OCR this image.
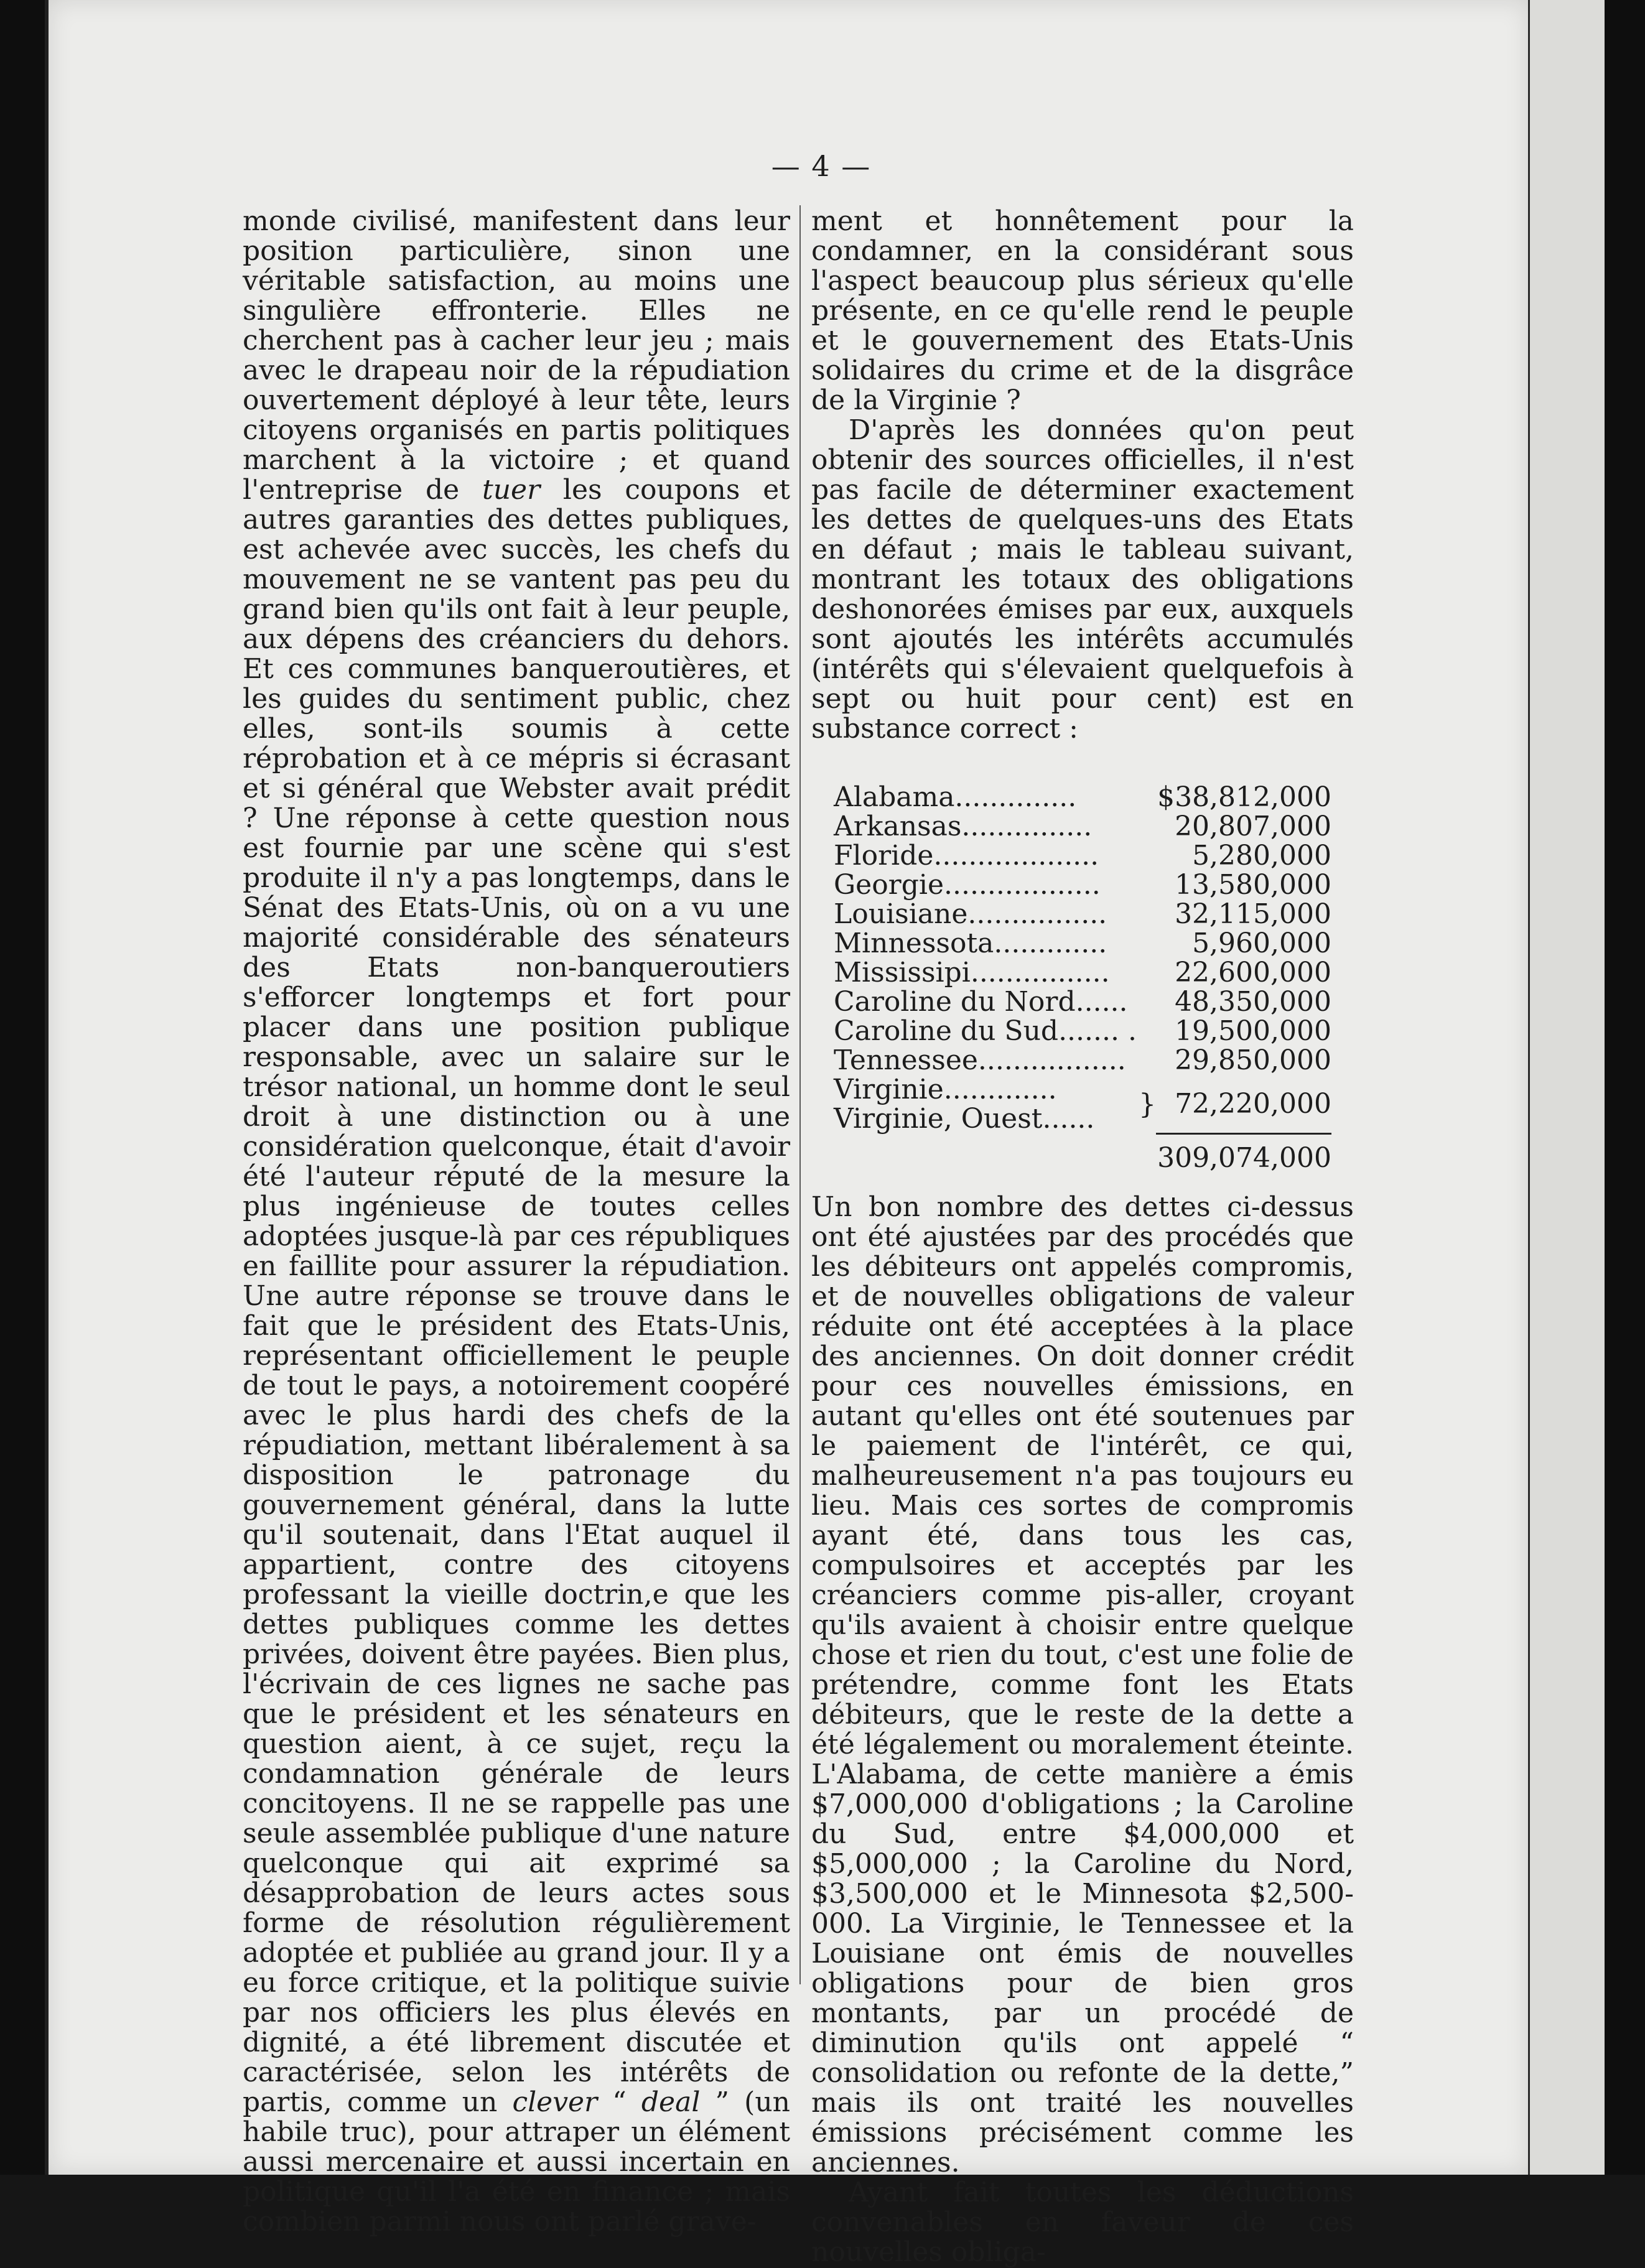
— 4 —

monde civilisé, manifestent dans leur position particulière, sinon une véritable satisfaction, au moins une singulière effronterie. Elles ne cherchent pas à cacher leur jeu ; mais avec le drapeau noir de la répudiation ouvertement déployé à leur tête, leurs citoyens organisés en partis politiques marchent à la victoire ; et quand l'entreprise de tuer les coupons et autres garanties des dettes publiques, est achevée avec succès, les chefs du mouvement ne se vantent pas peu du grand bien qu'ils ont fait à leur peuple, aux dépens des créanciers du dehors. Et ces communes banqueroutières, et les guides du sentiment public, chez elles, sont-ils soumis à cette réprobation et à ce mépris si écrasant et si général que Webster avait prédit ? Une réponse à cette question nous est fournie par une scène qui s'est produite il n'y a pas longtemps, dans le Sénat des Etats-Unis, où on a vu une majorité considérable des sénateurs des Etats non-banqueroutiers s'efforcer longtemps et fort pour placer dans une position publique responsable, avec un salaire sur le trésor national, un homme dont le seul droit à une distinction ou à une considération quelconque, était d'avoir été l'auteur réputé de la mesure la plus ingénieuse de toutes celles adoptées jusque-là par ces républiques en faillite pour assurer la répudiation. Une autre réponse se trouve dans le fait que le président des Etats-Unis, représentant officiellement le peuple de tout le pays, a notoirement coopéré avec le plus hardi des chefs de la répudiation, mettant libéralement à sa disposition le patronage du gouvernement général, dans la lutte qu'il soutenait, dans l'Etat auquel il appartient, contre des citoyens professant la vieille doctrin,e que les dettes publiques comme les dettes privées, doivent être payées. Bien plus, l'écrivain de ces lignes ne sache pas que le président et les sénateurs en question aient, à ce sujet, reçu la condamnation générale de leurs concitoyens. Il ne se rappelle pas une seule assemblée publique d'une nature quelconque qui ait exprimé sa désapprobation de leurs actes sous forme de résolution régulièrement adoptée et publiée au grand jour. Il y a eu force critique, et la politique suivie par nos officiers les plus élevés en dignité, a été librement discutée et caractérisée, selon les intérêts de partis, comme un clever “ deal ” (un habile truc), pour attraper un élément aussi mercenaire et aussi incertain en politique qu'il l'a été en finance ; mais combien parmi nous ont parlé grave-

ment et honnêtement pour la condamner, en la considérant sous l'aspect beaucoup plus sérieux qu'elle présente, en ce qu'elle rend le peuple et le gouvernement des Etats-Unis solidaires du crime et de la disgrâce de la Virginie ?

D'après les données qu'on peut obtenir des sources officielles, il n'est pas facile de déterminer exactement les dettes de quelques-uns des Etats en défaut ; mais le tableau suivant, montrant les totaux des obligations deshonorées émises par eux, auxquels sont ajoutés les intérêts accumulés (intérêts qui s'élevaient quelquefois à sept ou huit pour cent) est en substance correct :

Alabama..............		$38,812,000
Arkansas...............		20,807,000
Floride...................		5,280,000
Georgie..................		13,580,000
Louisiane................		32,115,000
Minnessota.............		5,960,000
Mississipi................		22,600,000
Caroline du Nord......		48,350,000
Caroline du Sud....... .		19,500,000
Tennessee.................		29,850,000
Virginie.............	}	72,220,000
Virginie, Ouest......		
		309,074,000

Un bon nombre des dettes ci-dessus ont été ajustées par des procédés que les débiteurs ont appelés compromis, et de nouvelles obligations de valeur réduite ont été acceptées à la place des anciennes. On doit donner crédit pour ces nouvelles émissions, en autant qu'elles ont été soutenues par le paiement de l'intérêt, ce qui, malheureusement n'a pas toujours eu lieu. Mais ces sortes de compromis ayant été, dans tous les cas, compulsoires et acceptés par les créanciers comme pis-aller, croyant qu'ils avaient à choisir entre quelque chose et rien du tout, c'est une folie de prétendre, comme font les Etats débiteurs, que le reste de la dette a été légalement ou moralement éteinte. L'Alabama, de cette manière a émis $7,000,000 d'obligations ; la Caroline du Sud, entre $4,000,000 et $5,000,000 ; la Caroline du Nord, $3,500,000 et le Minnesota $2,500-000. La Virginie, le Tennessee et la Louisiane ont émis de nouvelles obligations pour de bien gros montants, par un procédé de diminution qu'ils ont appelé “ consolidation ou refonte de la dette,” mais ils ont traité les nouvelles émissions précisément comme les anciennes.

Ayant fait toutes les déductions convenables en faveur de ces nouvelles obliga-
